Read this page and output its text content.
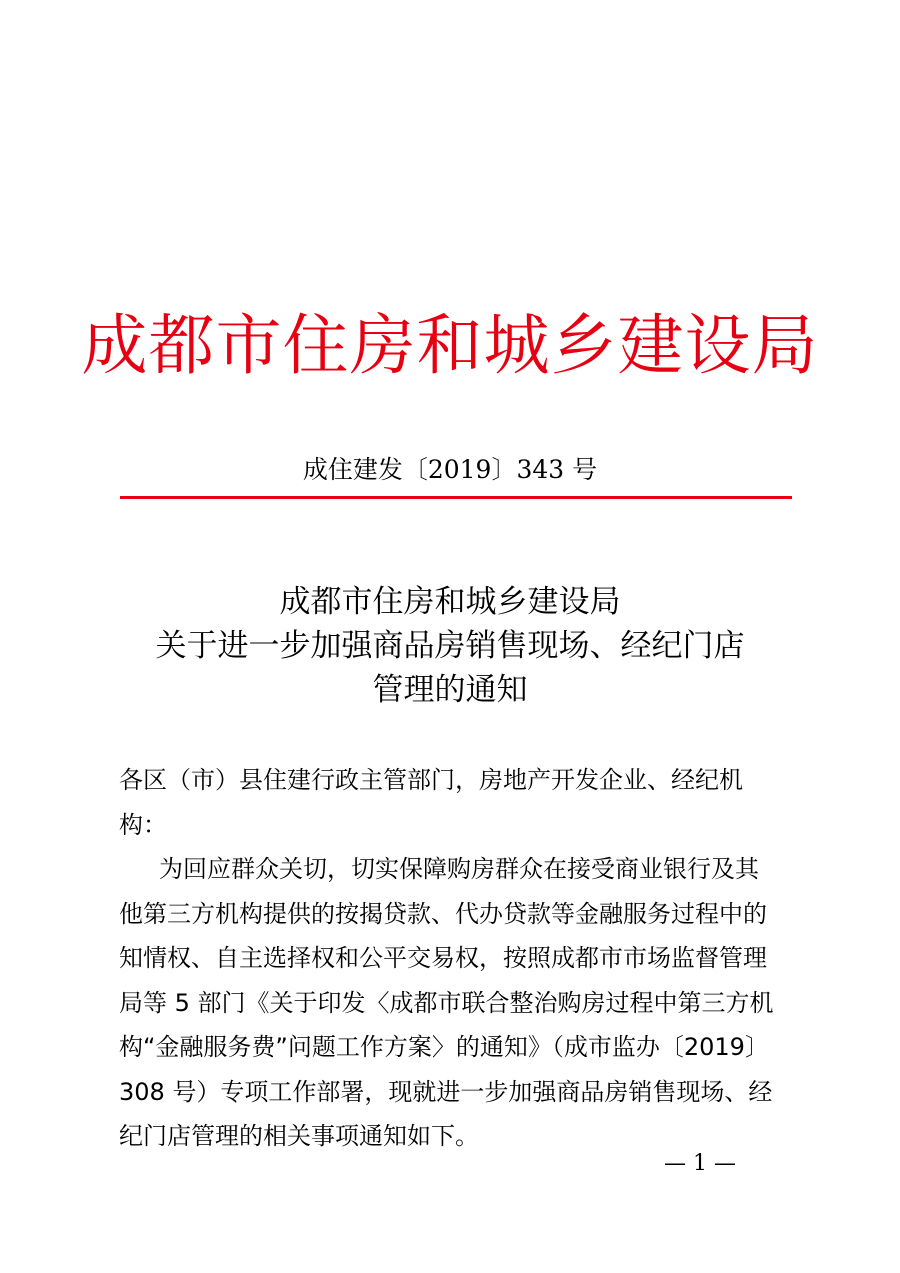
成都市住房和城乡建设局
成住建发〔2019〕343 号
成都市住房和城乡建设局
关于进一步加强商品房销售现场、经纪门店
管理的通知
各区（市）县住建行政主管部门，房地产开发企业、经纪机
构：
为回应群众关切，切实保障购房群众在接受商业银行及其
他第三方机构提供的按揭贷款、代办贷款等金融服务过程中的
知情权、自主选择权和公平交易权，按照成都市市场监督管理
局等 5 部门《关于印发〈成都市联合整治购房过程中第三方机
构“金融服务费”问题工作方案〉的通知》（成市监办〔2019〕
308 号）专项工作部署，现就进一步加强商品房销售现场、经
纪门店管理的相关事项通知如下。
— 1 —
